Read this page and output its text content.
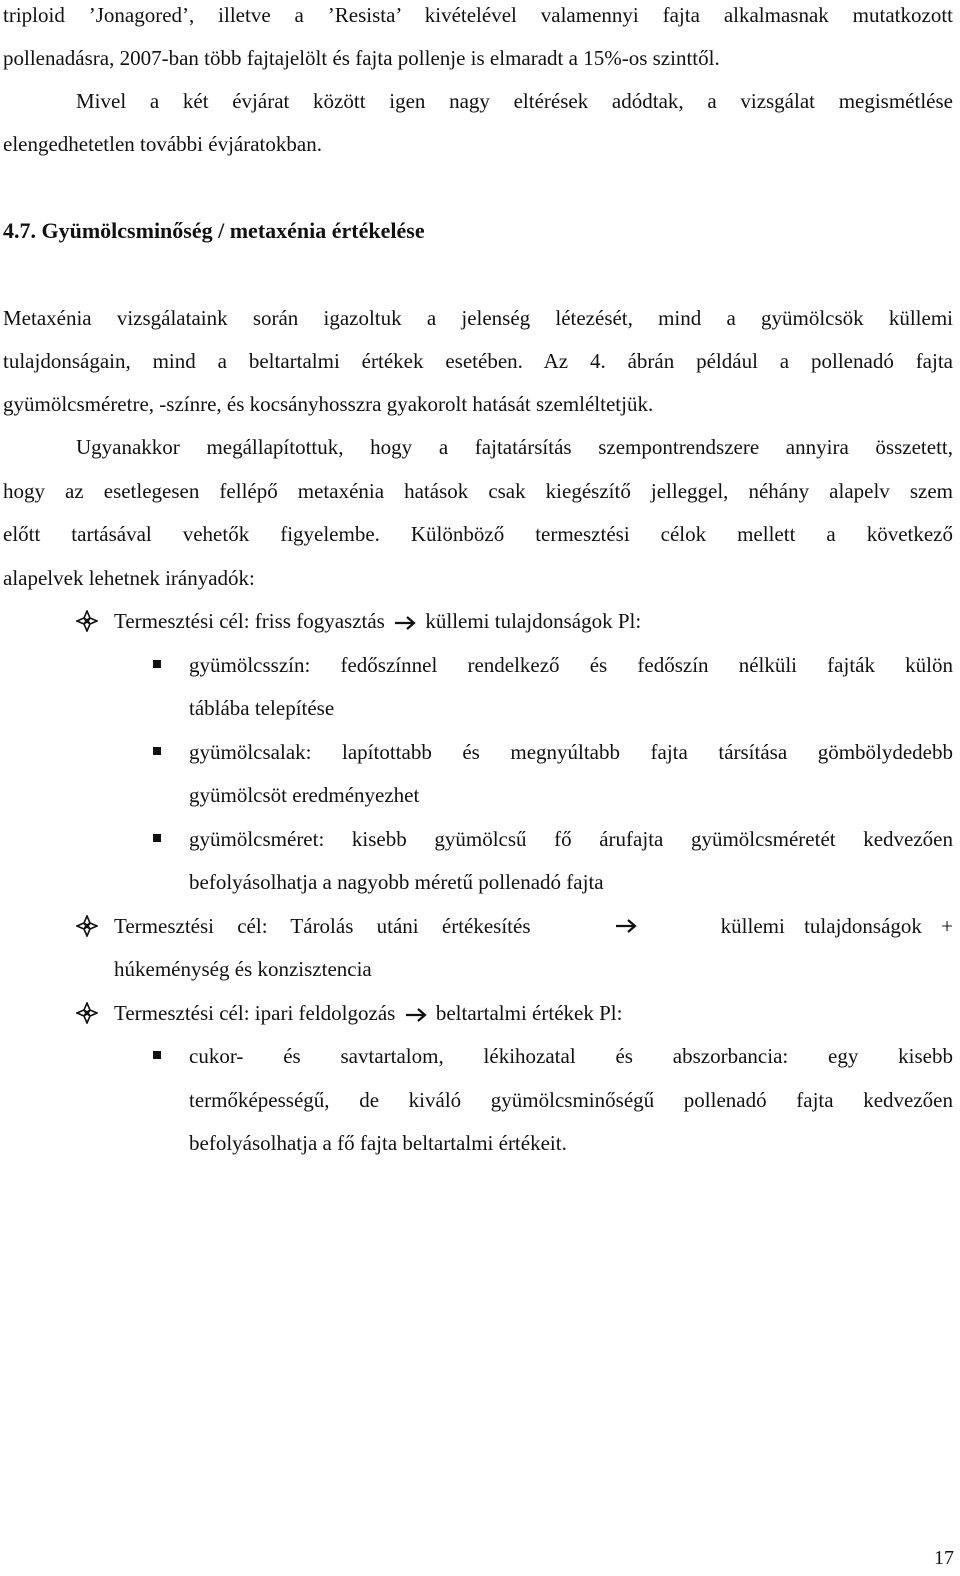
triploid ’Jonagored’, illetve a ’Resista’ kivételével valamennyi fajta alkalmasnak mutatkozott
pollenadásra, 2007-ban több fajtajelölt és fajta pollenje is elmaradt a 15%-os szinttől.
Mivel a két évjárat között igen nagy eltérések adódtak, a vizsgálat megismétlése
elengedhetetlen további évjáratokban.
4.7. Gyümölcsminőség / metaxénia értékelése
Metaxénia vizsgálataink során igazoltuk a jelenség létezését, mind a gyümölcsök küllemi
tulajdonságain, mind a beltartalmi értékek esetében. Az 4. ábrán például a pollenadó fajta
gyümölcsméretre, -színre, és kocsányhosszra gyakorolt hatását szemléltetjük.
Ugyanakkor megállapítottuk, hogy a fajtatársítás szempontrendszere annyira összetett,
hogy az esetlegesen fellépő metaxénia hatások csak kiegészítő jelleggel, néhány alapelv szem
előtt tartásával vehetők figyelembe. Különböző termesztési célok mellett a következő
alapelvek lehetnek irányadók:
Termesztési cél: friss fogyasztás küllemi tulajdonságok Pl:
gyümölcsszín: fedőszínnel rendelkező és fedőszín nélküli fajták külön
táblába telepítése
gyümölcsalak: lapítottabb és megnyúltabb fajta társítása gömbölydedebb
gyümölcsöt eredményezhet
gyümölcsméret: kisebb gyümölcsű fő árufajta gyümölcsméretét kedvezően
befolyásolhatja a nagyobb méretű pollenadó fajta
Termesztési cél: Tárolás utáni értékesítés	küllemi tulajdonságok +
húkeménység és konzisztencia
Termesztési cél: ipari feldolgozás beltartalmi értékek Pl:
cukor- és savtartalom, lékihozatal és abszorbancia: egy kisebb
termőképességű, de kiváló gyümölcsminőségű pollenadó fajta kedvezően
befolyásolhatja a fő fajta beltartalmi értékeit.
17
